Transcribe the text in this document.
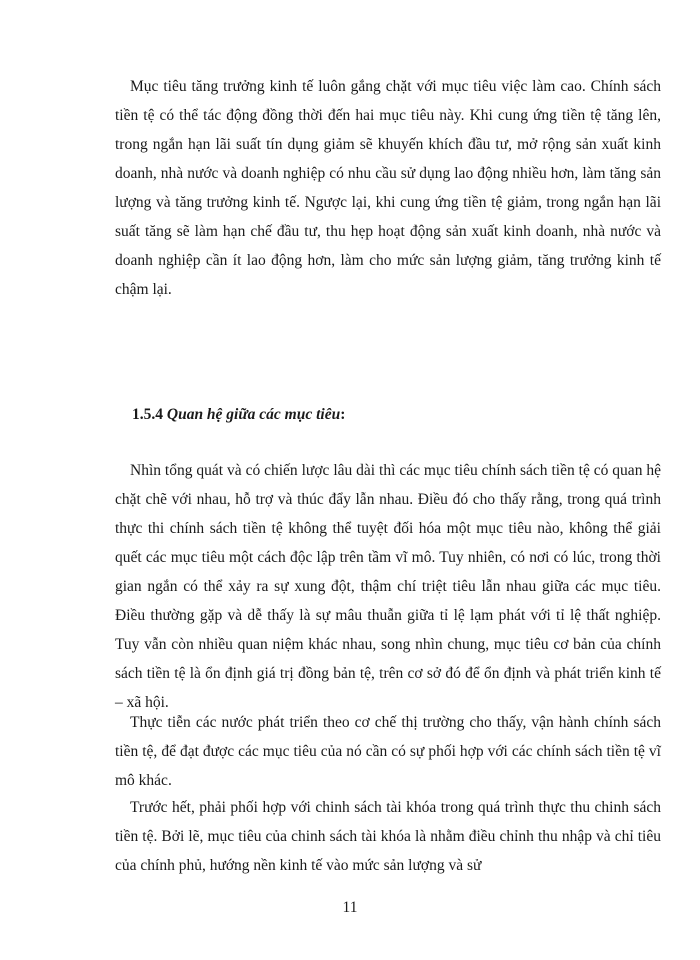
Mục tiêu tăng trưởng kinh tế luôn gắng chặt với mục tiêu việc làm cao. Chính sách tiền tệ có thể tác động đồng thời đến hai mục tiêu này. Khi cung ứng tiền tệ tăng lên, trong ngắn hạn lãi suất tín dụng giảm sẽ khuyến khích đầu tư, mở rộng sản xuất kinh doanh, nhà nước và doanh nghiệp có nhu cầu sử dụng lao động nhiều hơn, làm tăng sản lượng và tăng trưởng kinh tế. Ngược lại, khi cung ứng tiền tệ giảm, trong ngắn hạn lãi suất tăng sẽ làm hạn chế đầu tư, thu hẹp hoạt động sản xuất kinh doanh, nhà nước và doanh nghiệp cần ít lao động hơn, làm cho mức sản lượng giảm, tăng trưởng kinh tế chậm lại.

1.5.4 Quan hệ giữa các mục tiêu:

Nhìn tổng quát và có chiến lược lâu dài thì các mục tiêu chính sách tiền tệ có quan hệ chặt chẽ với nhau, hỗ trợ và thúc đẩy lẫn nhau. Điều đó cho thấy rằng, trong quá trình thực thi chính sách tiền tệ không thể tuyệt đối hóa một mục tiêu nào, không thể giải quết các mục tiêu một cách độc lập trên tầm vĩ mô. Tuy nhiên, có nơi có lúc, trong thời gian ngắn có thể xảy ra sự xung đột, thậm chí triệt tiêu lẫn nhau giữa các mục tiêu. Điều thường gặp và dễ thấy là sự mâu thuẫn giữa tỉ lệ lạm phát với tỉ lệ thất nghiệp. Tuy vẫn còn nhiều quan niệm khác nhau, song nhìn chung, mục tiêu cơ bản của chính sách tiền tệ là ổn định giá trị đồng bản tệ, trên cơ sở đó để ổn định và phát triển kinh tế – xã hội.

Thực tiễn các nước phát triển theo cơ chế thị trường cho thấy, vận hành chính sách tiền tệ, để đạt được các mục tiêu của nó cần có sự phối hợp với các chính sách tiền tệ vĩ mô khác.

Trước hết, phải phối hợp với chinh sách tài khóa trong quá trình thực thu chinh sách tiền tệ. Bởi lẽ, mục tiêu của chinh sách tài khóa là nhằm điều chỉnh thu nhập và chỉ tiêu của chính phủ, hướng nền kinh tế vào mức sản lượng và sử

11
